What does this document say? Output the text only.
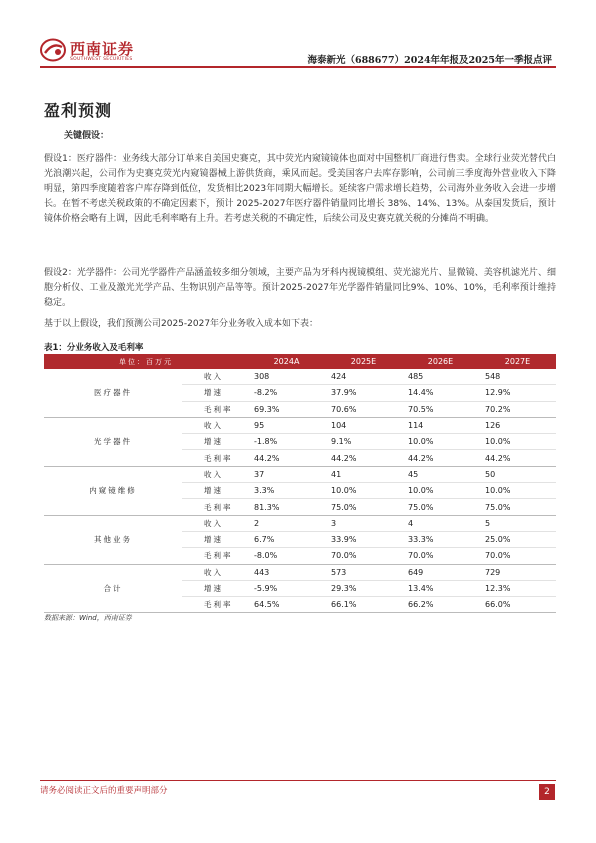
西南证券
SOUTHWEST SECURITIES	海泰新光（688677）2024年年报及2025年一季报点评
盈利预测
关键假设：

假设1：医疗器件：业务线大部分订单来自美国史赛克，其中荧光内窥镜镜体也面对中国整机厂商进行售卖。全球行业荧光替代白光浪潮兴起，公司作为史赛克荧光内窥镜器械上游供货商，乘风而起。受美国客户去库存影响，公司前三季度海外营业收入下降明显，第四季度随着客户库存降到低位，发货相比2023年同期大幅增长。延续客户需求增长趋势，公司海外业务收入会进一步增长。在暂不考虑关税政策的不确定因素下，预计 2025-2027年医疗器件销量同比增长 38%、14%、13%。从泰国发货后，预计镜体价格会略有上调，因此毛利率略有上升。若考虑关税的不确定性，后续公司及史赛克就关税的分摊尚不明确。

假设2：光学器件：公司光学器件产品涵盖较多细分领域，主要产品为牙科内视镜模组、荧光滤光片、显微镜、美容机滤光片、细胞分析仪、工业及激光光学产品、生物识别产品等等。预计2025-2027年光学器件销量同比9%、10%、10%，毛利率预计维持稳定。

基于以上假设，我们预测公司2025-2027年分业务收入成本如下表：

表1：分业务收入及毛利率
单位：百万元		2024A	2025E	2026E	2027E
医疗器件	收入	308	424	485	548
	增速	-8.2%	37.9%	14.4%	12.9%
	毛利率	69.3%	70.6%	70.5%	70.2%
光学器件	收入	95	104	114	126
	增速	-1.8%	9.1%	10.0%	10.0%
	毛利率	44.2%	44.2%	44.2%	44.2%
内窥镜维修	收入	37	41	45	50
	增速	3.3%	10.0%	10.0%	10.0%
	毛利率	81.3%	75.0%	75.0%	75.0%
其他业务	收入	2	3	4	5
	增速	6.7%	33.9%	33.3%	25.0%
	毛利率	-8.0%	70.0%	70.0%	70.0%
合计	收入	443	573	649	729
	增速	-5.9%	29.3%	13.4%	12.3%
	毛利率	64.5%	66.1%	66.2%	66.0%
数据来源：Wind，西南证券
请务必阅读正文后的重要声明部分	2
